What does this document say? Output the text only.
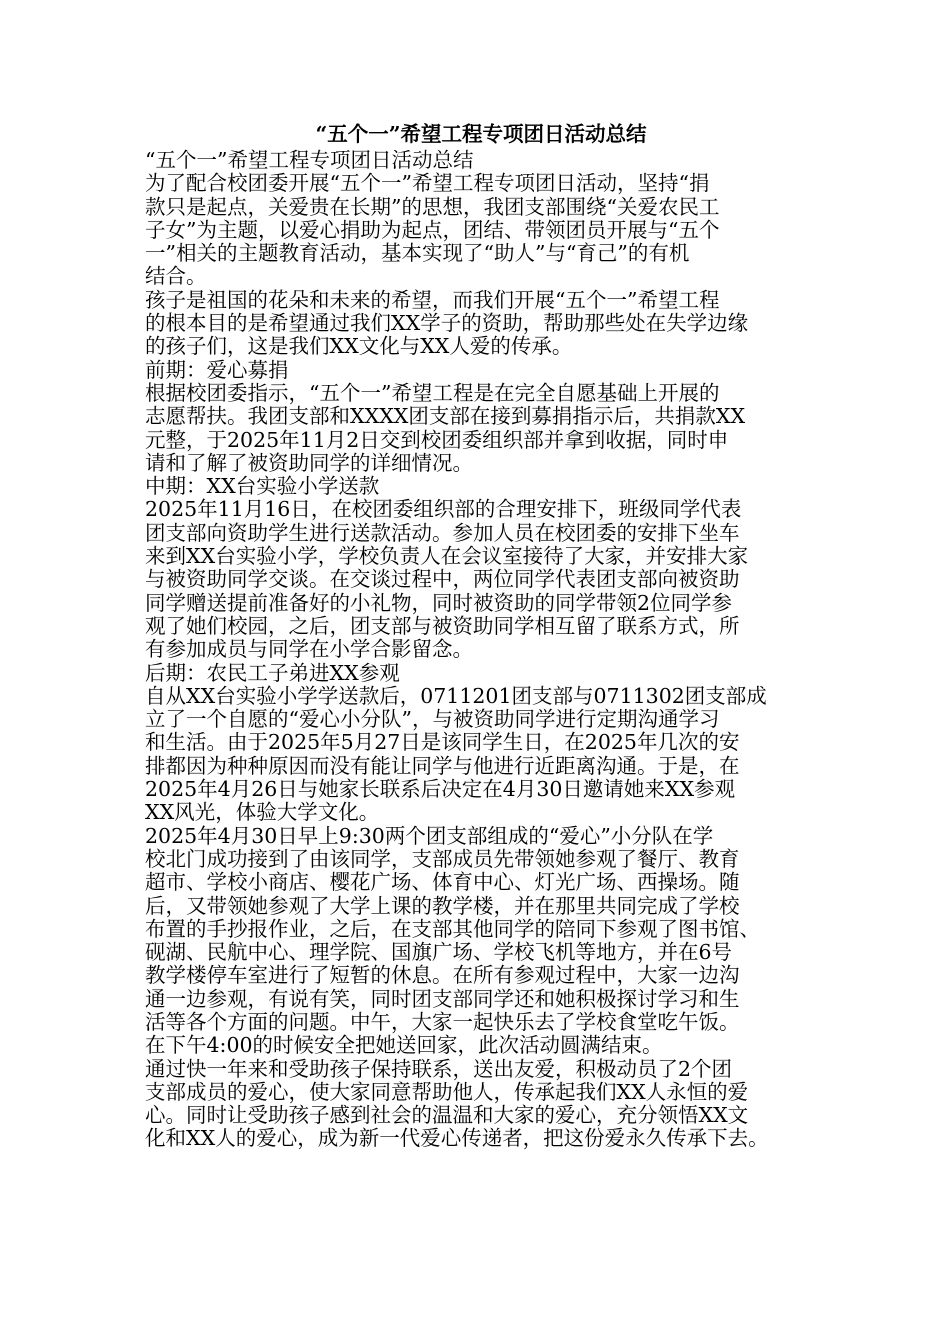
“五个一”希望工程专项团日活动总结

“五个一”希望工程专项团日活动总结

为了配合校团委开展“五个一”希望工程专项团日活动，坚持“捐

款只是起点，关爱贵在长期”的思想，我团支部围绕“关爱农民工

子女”为主题，以爱心捐助为起点，团结、带领团员开展与“五个

一”相关的主题教育活动，基本实现了“助人”与“育己”的有机

结合。

孩子是祖国的花朵和未来的希望，而我们开展“五个一”希望工程

的根本目的是希望通过我们XX学子的资助，帮助那些处在失学边缘

的孩子们，这是我们XX文化与XX人爱的传承。

前期：爱心募捐

根据校团委指示，“五个一”希望工程是在完全自愿基础上开展的

志愿帮扶。我团支部和XXXX团支部在接到募捐指示后，共捐款XX

元整，于2025年11月2日交到校团委组织部并拿到收据，同时申

请和了解了被资助同学的详细情况。

中期：XX台实验小学送款

2025年11月16日，在校团委组织部的合理安排下，班级同学代表

团支部向资助学生进行送款活动。参加人员在校团委的安排下坐车

来到XX台实验小学，学校负责人在会议室接待了大家，并安排大家

与被资助同学交谈。在交谈过程中，两位同学代表团支部向被资助

同学赠送提前准备好的小礼物，同时被资助的同学带领2位同学参

观了她们校园，之后，团支部与被资助同学相互留了联系方式，所

有参加成员与同学在小学合影留念。

后期：农民工子弟进XX参观

自从XX台实验小学学送款后，0711201团支部与0711302团支部成

立了一个自愿的“爱心小分队”，与被资助同学进行定期沟通学习

和生活。由于2025年5月27日是该同学生日，在2025年几次的安

排都因为种种原因而没有能让同学与他进行近距离沟通。于是，在

2025年4月26日与她家长联系后决定在4月30日邀请她来XX参观

XX风光，体验大学文化。

2025年4月30日早上9:30两个团支部组成的“爱心”小分队在学

校北门成功接到了由该同学，支部成员先带领她参观了餐厅、教育

超市、学校小商店、樱花广场、体育中心、灯光广场、西操场。随

后，又带领她参观了大学上课的教学楼，并在那里共同完成了学校

布置的手抄报作业，之后，在支部其他同学的陪同下参观了图书馆、

砚湖、民航中心、理学院、国旗广场、学校飞机等地方，并在6号

教学楼停车室进行了短暂的休息。在所有参观过程中，大家一边沟

通一边参观，有说有笑，同时团支部同学还和她积极探讨学习和生

活等各个方面的问题。中午，大家一起快乐去了学校食堂吃午饭。

在下午4:00的时候安全把她送回家，此次活动圆满结束。

通过快一年来和受助孩子保持联系，送出友爱，积极动员了2个团

支部成员的爱心，使大家同意帮助他人，传承起我们XX人永恒的爱

心。同时让受助孩子感到社会的温温和大家的爱心，充分领悟XX文

化和XX人的爱心，成为新一代爱心传递者，把这份爱永久传承下去。
